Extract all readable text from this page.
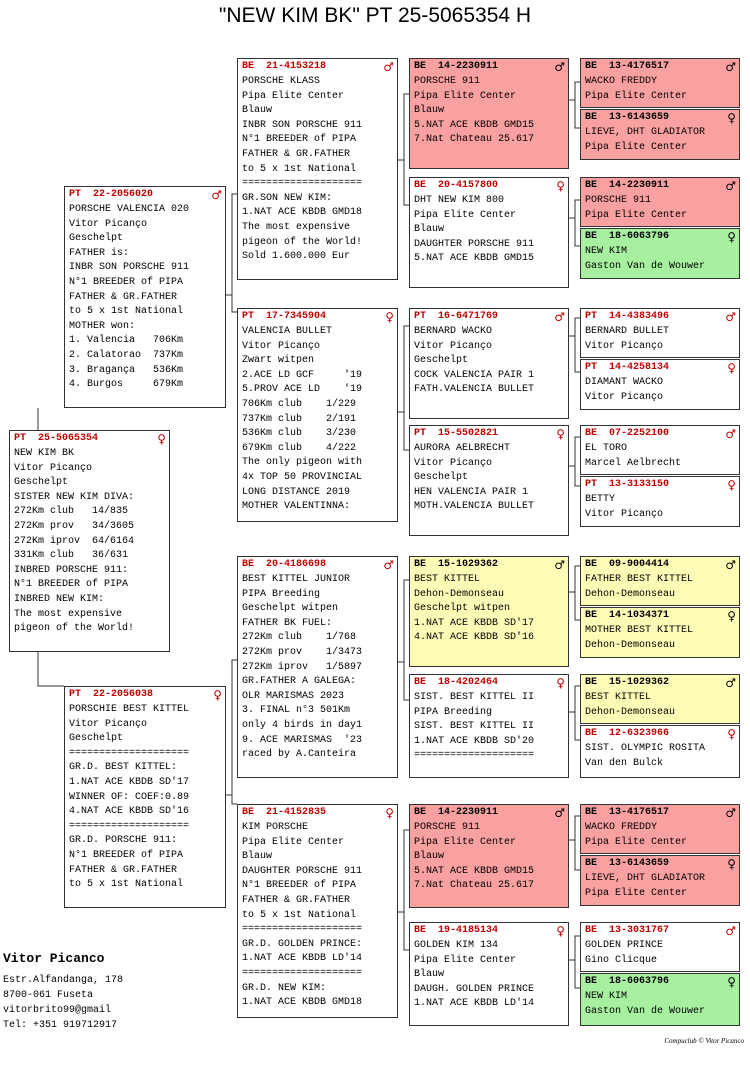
"NEW KIM BK" PT 25-5065354 H
PT  25-5065354	♀
NEW KIM BK
Vitor Picanço
Geschelpt
SISTER NEW KIM DIVA:
272Km club   14/835
272Km prov   34/3605
272Km iprov  64/6164
331Km club   36/631
INBRED PORSCHE 911:
N°1 BREEDER of PIPA
INBRED NEW KIM:
The most expensive
pigeon of the World!
PT  22-2056020	♂
PORSCHE VALENCIA 020
Vitor Picanço
Geschelpt
FATHER is:
INBR SON PORSCHE 911
N°1 BREEDER of PIPA
FATHER & GR.FATHER
to 5 x 1st National
MOTHER won:
1. Valencia   706Km
2. Calatorao  737Km
3. Bragança   536Km
4. Burgos     679Km
PT  22-2056038	♀
PORSCHIE BEST KITTEL
Vitor Picanço
Geschelpt
====================
GR.D. BEST KITTEL:
1.NAT ACE KBDB SD'17
WINNER OF: COEF:0.89
4.NAT ACE KBDB SD'16
====================
GR.D. PORSCHE 911:
N°1 BREEDER of PIPA
FATHER & GR.FATHER
to 5 x 1st National
BE  21-4153218	♂
PORSCHE KLASS
Pipa Elite Center
Blauw
INBR SON PORSCHE 911
N°1 BREEDER of PIPA
FATHER & GR.FATHER
to 5 x 1st National
====================
GR.SON NEW KIM:
1.NAT ACE KBDB GMD18
The most expensive
pigeon of the World!
Sold 1.600.000 Eur
PT  17-7345904	♀
VALENCIA BULLET
Vitor Picanço
Zwart witpen
2.ACE LD GCF     '19
5.PROV ACE LD    '19
706Km club    1/229
737Km club    2/191
536Km club    3/230
679Km club    4/222
The only pigeon with
4x TOP 50 PROVINCIAL
LONG DISTANCE 2019
MOTHER VALENTINNA:
BE  20-4186698	♂
BEST KITTEL JUNIOR
PIPA Breeding
Geschelpt witpen
FATHER BK FUEL:
272Km club    1/768
272Km prov    1/3473
272Km iprov   1/5897
GR.FATHER A GALEGA:
OLR MARISMAS 2023
3. FINAL n°3 501Km
only 4 birds in day1
9. ACE MARISMAS  '23
raced by A.Canteira
BE  21-4152835	♀
KIM PORSCHE
Pipa Elite Center
Blauw
DAUGHTER PORSCHE 911
N°1 BREEDER of PIPA
FATHER & GR.FATHER
to 5 x 1st National
====================
GR.D. GOLDEN PRINCE:
1.NAT ACE KBDB LD'14
====================
GR.D. NEW KIM:
1.NAT ACE KBDB GMD18
BE  14-2230911	♂
PORSCHE 911
Pipa Elite Center
Blauw
5.NAT ACE KBDB GMD15
7.Nat Chateau 25.617
BE  20-4157800	♀
DHT NEW KIM 800
Pipa Elite Center
Blauw
DAUGHTER PORSCHE 911
5.NAT ACE KBDB GMD15
PT  16-6471769	♂
BERNARD WACKO
Vitor Picanço
Geschelpt
COCK VALENCIA PAIR 1
FATH.VALENCIA BULLET
PT  15-5502821	♀
AURORA AELBRECHT
Vitor Picanço
Geschelpt
HEN VALENCIA PAIR 1
MOTH.VALENCIA BULLET
BE  15-1029362	♂
BEST KITTEL
Dehon-Demonseau
Geschelpt witpen
1.NAT ACE KBDB SD'17
4.NAT ACE KBDB SD'16
BE  18-4202464	♀
SIST. BEST KITTEL II
PIPA Breeding
SIST. BEST KITTEL II
1.NAT ACE KBDB SD'20
====================
BE  14-2230911	♂
PORSCHE 911
Pipa Elite Center
Blauw
5.NAT ACE KBDB GMD15
7.Nat Chateau 25.617
BE  19-4185134	♀
GOLDEN KIM 134
Pipa Elite Center
Blauw
DAUGH. GOLDEN PRINCE
1.NAT ACE KBDB LD'14
BE  13-4176517	♂
WACKO FREDDY
Pipa Elite Center
BE  13-6143659	♀
LIEVE, DHT GLADIATOR
Pipa Elite Center
BE  14-2230911	♂
PORSCHE 911
Pipa Elite Center
BE  18-6063796	♀
NEW KIM
Gaston Van de Wouwer
PT  14-4383496	♂
BERNARD BULLET
Vitor Picanço
PT  14-4258134	♀
DIAMANT WACKO
Vitor Picanço
BE  07-2252100	♂
EL TORO
Marcel Aelbrecht
PT  13-3133150	♀
BETTY
Vitor Picanço
BE  09-9004414	♂
FATHER BEST KITTEL
Dehon-Demonseau
BE  14-1034371	♀
MOTHER BEST KITTEL
Dehon-Demonseau
BE  15-1029362	♂
BEST KITTEL
Dehon-Demonseau
BE  12-6323966	♀
SIST. OLYMPIC ROSITA
Van den Bulck
BE  13-4176517	♂
WACKO FREDDY
Pipa Elite Center
BE  13-6143659	♀
LIEVE, DHT GLADIATOR
Pipa Elite Center
BE  13-3031767	♂
GOLDEN PRINCE
Gino Clicque
BE  18-6063796	♀
NEW KIM
Gaston Van de Wouwer
Vitor Picanco
Estr.Alfandanga, 178
8700-061 Fuseta
vitorbrito99@gmail
Tel: +351 919712917
Compuclub © Vitor Picanco
